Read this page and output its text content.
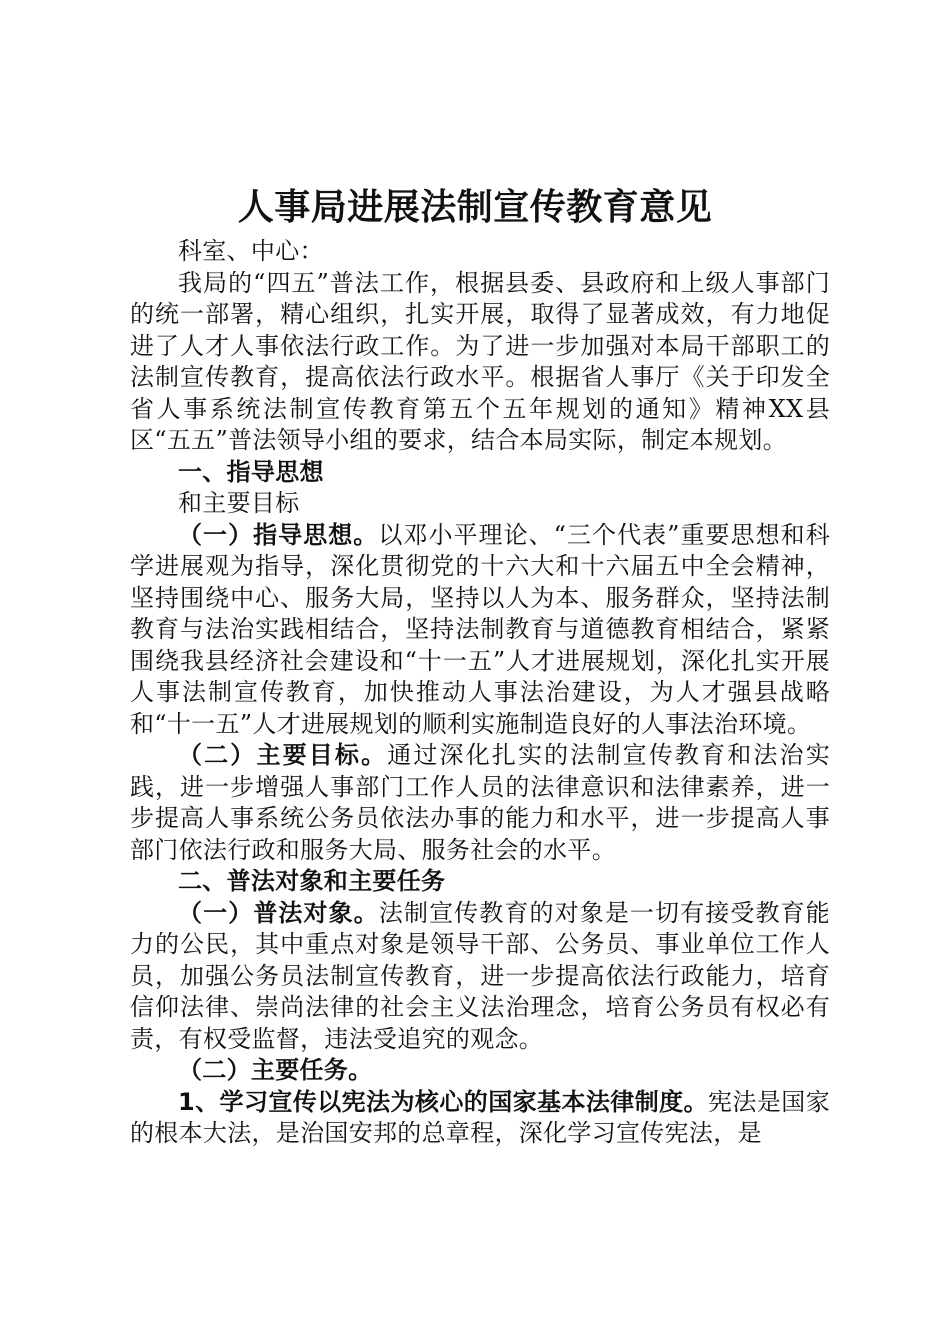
人事局进展法制宣传教育意见

科室、中心：

我局的“四五”普法工作，根据县委、县政府和上级人事部门的统一部署，精心组织，扎实开展，取得了显著成效，有力地促进了人才人事依法行政工作。为了进一步加强对本局干部职工的法制宣传教育，提高依法行政水平。根据省人事厅《关于印发全省人事系统法制宣传教育第五个五年规划的通知》精神XX县区“五五”普法领导小组的要求，结合本局实际，制定本规划。

一、指导思想

和主要目标

（一）指导思想。以邓小平理论、“三个代表”重要思想和科学进展观为指导，深化贯彻党的十六大和十六届五中全会精神，坚持围绕中心、服务大局，坚持以人为本、服务群众，坚持法制教育与法治实践相结合，坚持法制教育与道德教育相结合，紧紧围绕我县经济社会建设和“十一五”人才进展规划，深化扎实开展人事法制宣传教育，加快推动人事法治建设，为人才强县战略和“十一五”人才进展规划的顺利实施制造良好的人事法治环境。

（二）主要目标。通过深化扎实的法制宣传教育和法治实践，进一步增强人事部门工作人员的法律意识和法律素养，进一步提高人事系统公务员依法办事的能力和水平，进一步提高人事部门依法行政和服务大局、服务社会的水平。

二、普法对象和主要任务

（一）普法对象。法制宣传教育的对象是一切有接受教育能力的公民，其中重点对象是领导干部、公务员、事业单位工作人员，加强公务员法制宣传教育，进一步提高依法行政能力，培育信仰法律、崇尚法律的社会主义法治理念，培育公务员有权必有责，有权受监督，违法受追究的观念。

（二）主要任务。

1、学习宣传以宪法为核心的国家基本法律制度。宪法是国家的根本大法，是治国安邦的总章程，深化学习宣传宪法，是
